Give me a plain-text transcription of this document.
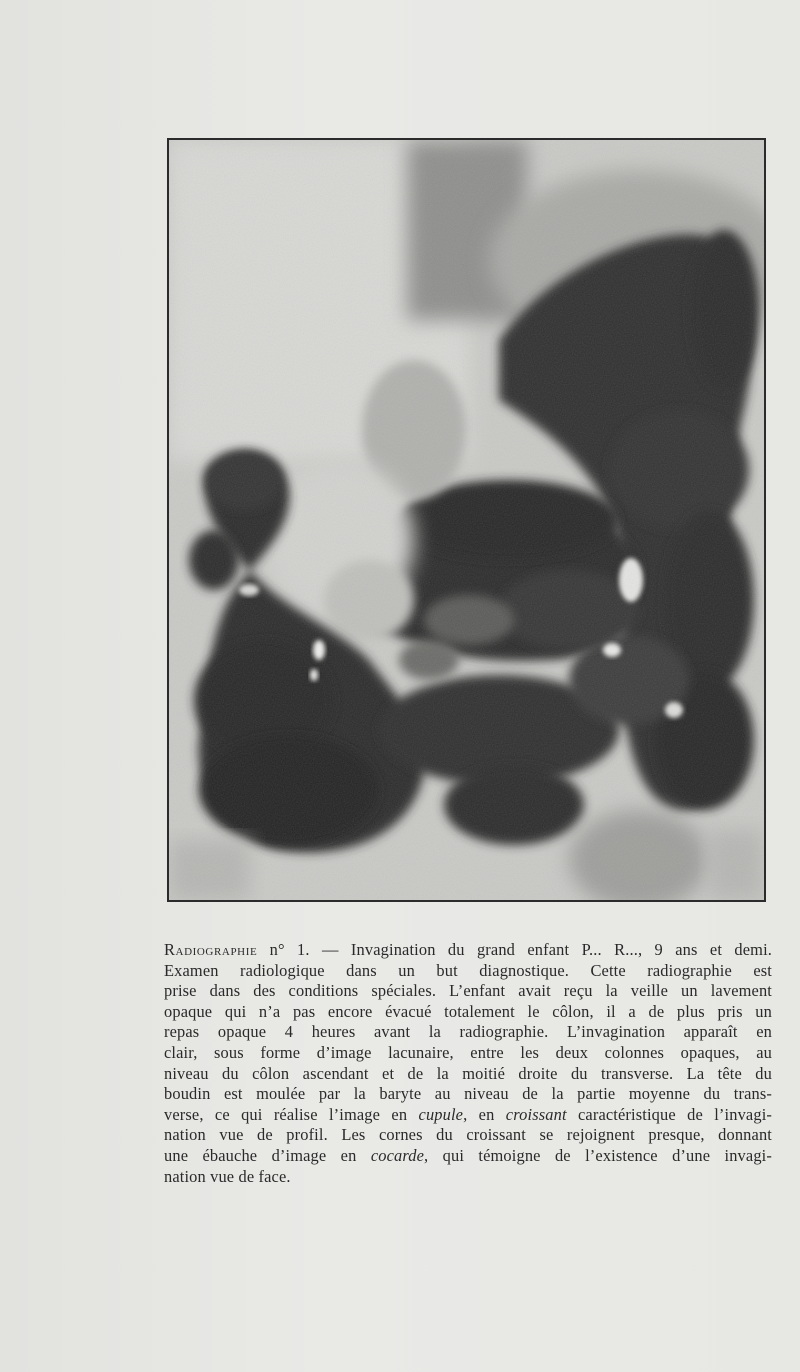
Radiographie n° 1. — Invagination du grand enfant P... R..., 9 ans et demi.
Examen radiologique dans un but diagnostique. Cette radiographie est
prise dans des conditions spéciales. L’enfant avait reçu la veille un lavement
opaque qui n’a pas encore évacué totalement le côlon, il a de plus pris un
repas opaque 4 heures avant la radiographie. L’invagination apparaît en
clair, sous forme d’image lacunaire, entre les deux colonnes opaques, au
niveau du côlon ascendant et de la moitié droite du transverse. La tête du
boudin est moulée par la baryte au niveau de la partie moyenne du trans-
verse, ce qui réalise l’image en cupule, en croissant caractéristique de l’invagi-
nation vue de profil. Les cornes du croissant se rejoignent presque, donnant
une ébauche d’image en cocarde, qui témoigne de l’existence d’une invagi-
nation vue de face.
